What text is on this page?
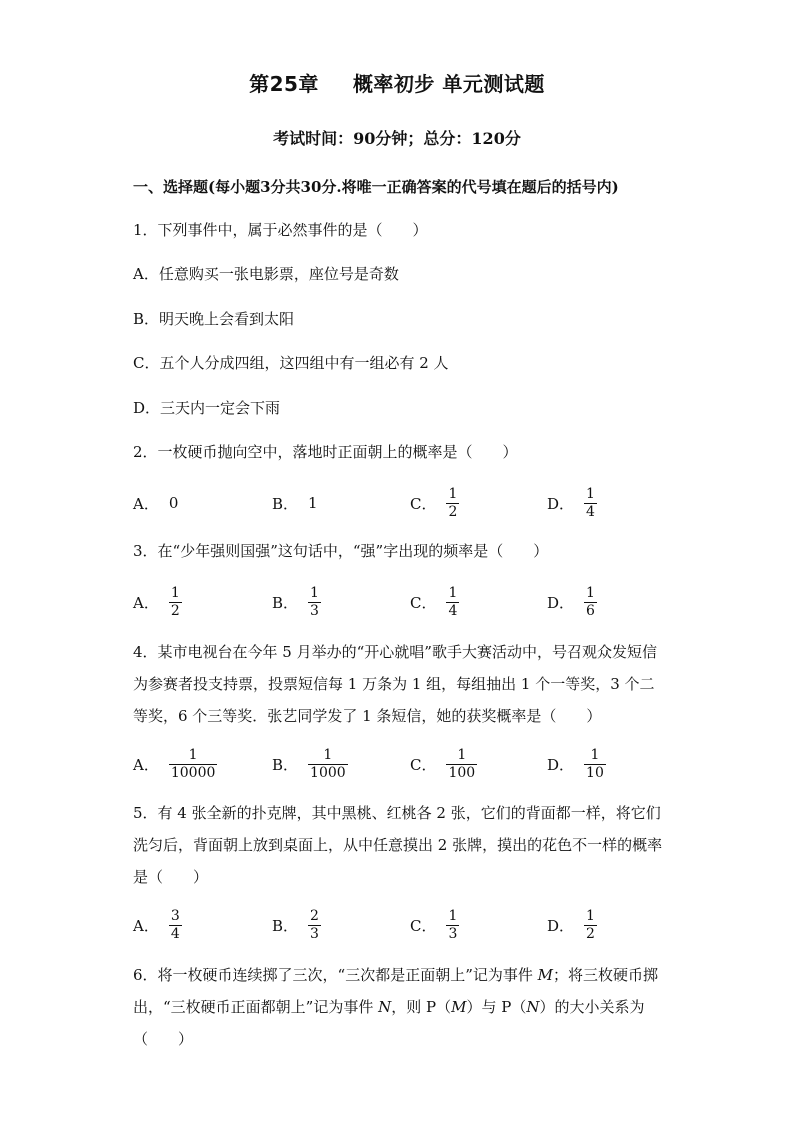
第25章 概率初步 单元测试题
考试时间：90分钟；总分：120分
一、选择题(每小题3分共30分.将唯一正确答案的代号填在题后的括号内)
1．下列事件中，属于必然事件的是（　　）
A．任意购买一张电影票，座位号是奇数
B．明天晚上会看到太阳
C．五个人分成四组，这四组中有一组必有 2 人
D．三天内一定会下雨
2．一枚硬币抛向空中，落地时正面朝上的概率是（　　）
A． 0	B． 1	C． $\frac{1}{2}$	D． $\frac{1}{4}$
3．在“少年强则国强”这句话中，“强”字出现的频率是（　　）
A． $\frac{1}{2}$	B． $\frac{1}{3}$	C． $\frac{1}{4}$	D． $\frac{1}{6}$
4．某市电视台在今年 5 月举办的“开心就唱”歌手大赛活动中，号召观众发短信为参赛者投支持票，投票短信每 1 万条为 1 组，每组抽出 1 个一等奖，3 个二等奖，6 个三等奖．张艺同学发了 1 条短信，她的获奖概率是（　　）
A． $\frac{1}{10000}$	B． $\frac{1}{1000}$	C． $\frac{1}{100}$	D． $\frac{1}{10}$
5．有 4 张全新的扑克牌，其中黑桃、红桃各 2 张，它们的背面都一样，将它们洗匀后，背面朝上放到桌面上，从中任意摸出 2 张牌，摸出的花色不一样的概率是（　　）
A． $\frac{3}{4}$	B． $\frac{2}{3}$	C． $\frac{1}{3}$	D． $\frac{1}{2}$
6．将一枚硬币连续掷了三次，“三次都是正面朝上”记为事件 M；将三枚硬币掷出，“三枚硬币正面都朝上”记为事件 N，则 P（M）与 P（N）的大小关系为（　　）
